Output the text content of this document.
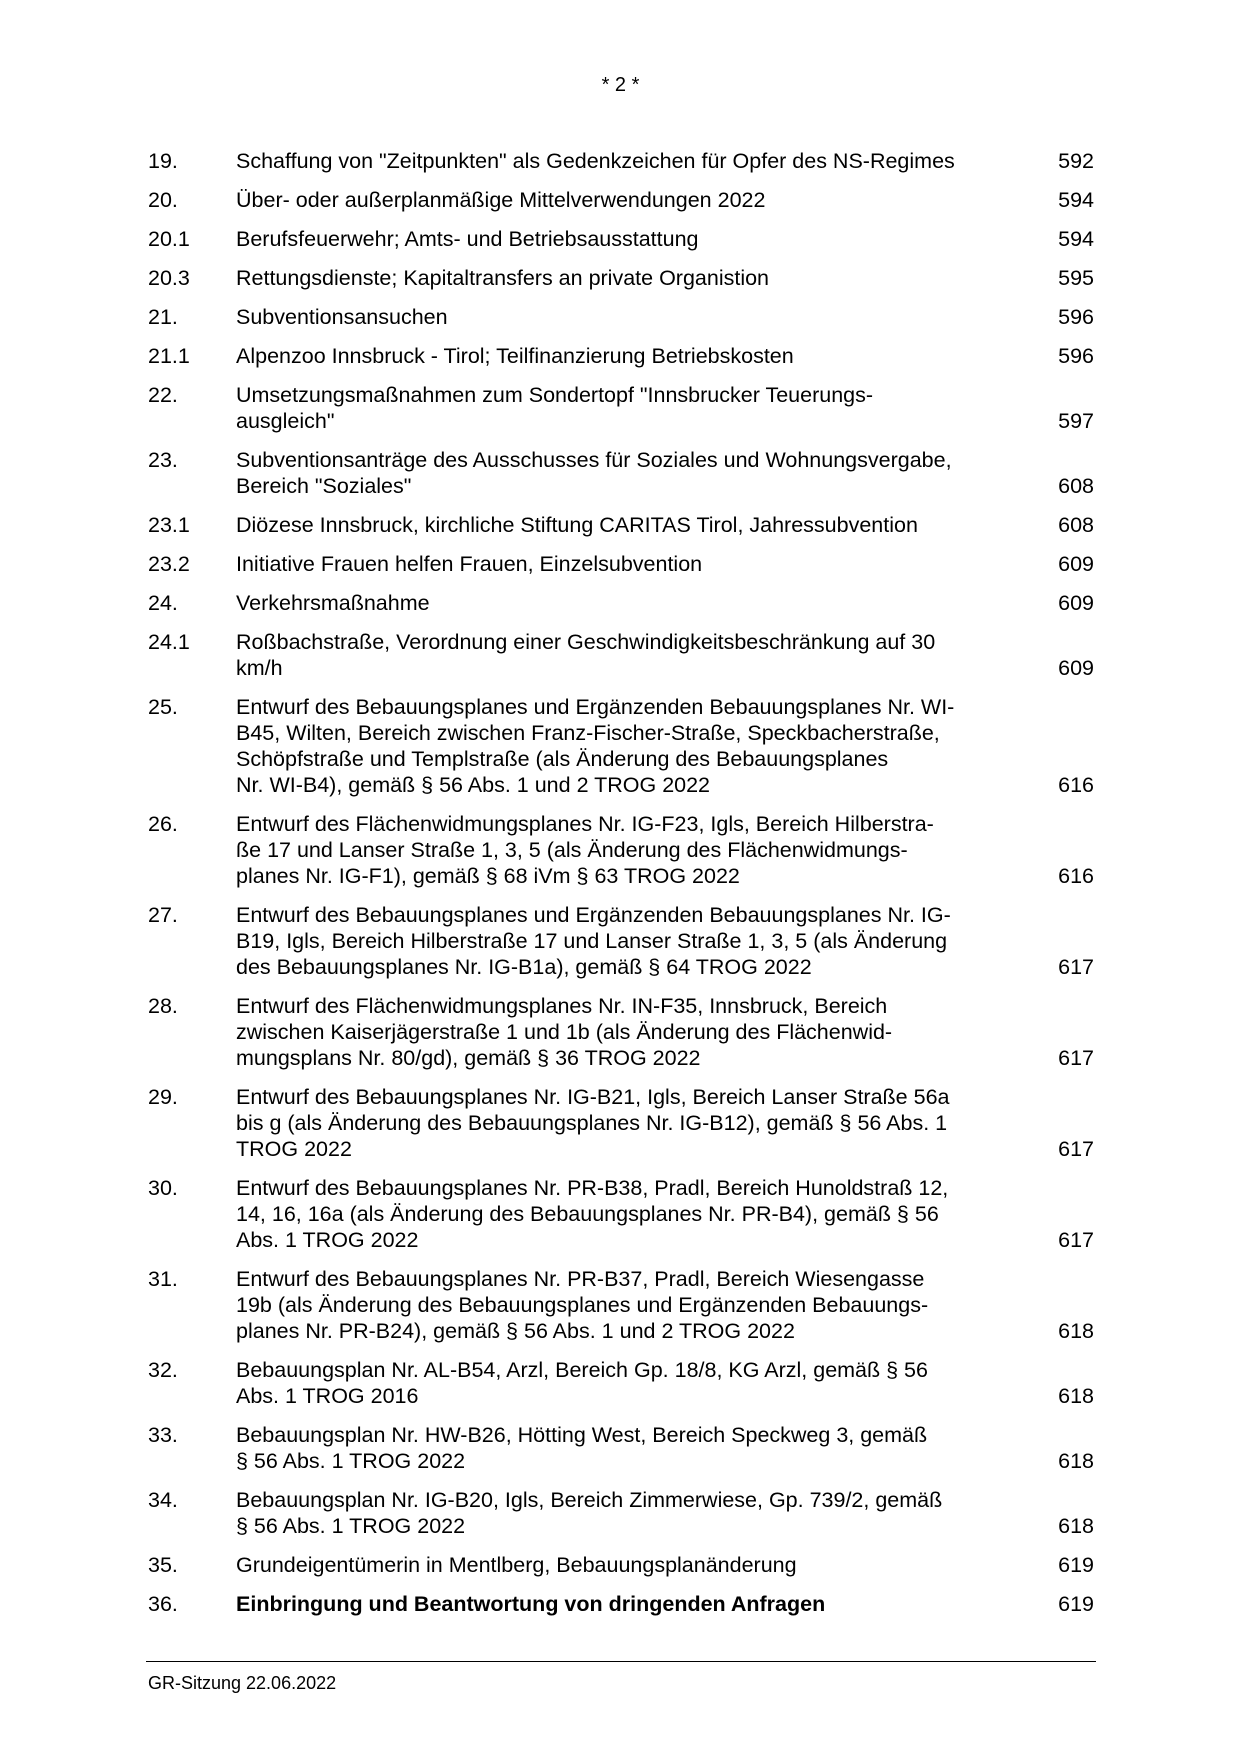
* 2 *
19.	Schaffung von "Zeitpunkten" als Gedenkzeichen für Opfer des NS-Regimes	592
20.	Über- oder außerplanmäßige Mittelverwendungen 2022	594
20.1	Berufsfeuerwehr; Amts- und Betriebsausstattung	594
20.3	Rettungsdienste; Kapitaltransfers an private Organistion	595
21.	Subventionsansuchen	596
21.1	Alpenzoo Innsbruck - Tirol; Teilfinanzierung Betriebskosten	596
22.	Umsetzungsmaßnahmen zum Sondertopf "Innsbrucker Teuerungs-
ausgleich"	597
23.	Subventionsanträge des Ausschusses für Soziales und Wohnungsvergabe,
Bereich "Soziales"	608
23.1	Diözese Innsbruck, kirchliche Stiftung CARITAS Tirol, Jahressubvention	608
23.2	Initiative Frauen helfen Frauen, Einzelsubvention	609
24.	Verkehrsmaßnahme	609
24.1	Roßbachstraße, Verordnung einer Geschwindigkeitsbeschränkung auf 30
km/h	609
25.	Entwurf des Bebauungsplanes und Ergänzenden Bebauungsplanes Nr. WI-
B45, Wilten, Bereich zwischen Franz-Fischer-Straße, Speckbacherstraße,
Schöpfstraße und Templstraße (als Änderung des Bebauungsplanes
Nr. WI-B4), gemäß § 56 Abs. 1 und 2 TROG 2022	616
26.	Entwurf des Flächenwidmungsplanes Nr. IG-F23, Igls, Bereich Hilberstra-
ße 17 und Lanser Straße 1, 3, 5 (als Änderung des Flächenwidmungs-
planes Nr. IG-F1), gemäß § 68 iVm § 63 TROG 2022	616
27.	Entwurf des Bebauungsplanes und Ergänzenden Bebauungsplanes Nr. IG-
B19, Igls, Bereich Hilberstraße 17 und Lanser Straße 1, 3, 5 (als Änderung
des Bebauungsplanes Nr. IG-B1a), gemäß § 64 TROG 2022	617
28.	Entwurf des Flächenwidmungsplanes Nr. IN-F35, Innsbruck, Bereich
zwischen Kaiserjägerstraße 1 und 1b (als Änderung des Flächenwid-
mungsplans Nr. 80/gd), gemäß § 36 TROG 2022	617
29.	Entwurf des Bebauungsplanes Nr. IG-B21, Igls, Bereich Lanser Straße 56a
bis g (als Änderung des Bebauungsplanes Nr. IG-B12), gemäß § 56 Abs. 1
TROG 2022	617
30.	Entwurf des Bebauungsplanes Nr. PR-B38, Pradl, Bereich Hunoldstraß 12,
14, 16, 16a (als Änderung des Bebauungsplanes Nr. PR-B4), gemäß § 56
Abs. 1 TROG 2022	617
31.	Entwurf des Bebauungsplanes Nr. PR-B37, Pradl, Bereich Wiesengasse
19b (als Änderung des Bebauungsplanes und Ergänzenden Bebauungs-
planes Nr. PR-B24), gemäß § 56 Abs. 1 und 2 TROG 2022	618
32.	Bebauungsplan Nr. AL-B54, Arzl, Bereich Gp. 18/8, KG Arzl, gemäß § 56
Abs. 1 TROG 2016	618
33.	Bebauungsplan Nr. HW-B26, Hötting West, Bereich Speckweg 3, gemäß
§ 56 Abs. 1 TROG 2022	618
34.	Bebauungsplan Nr. IG-B20, Igls, Bereich Zimmerwiese, Gp. 739/2, gemäß
§ 56 Abs. 1 TROG 2022	618
35.	Grundeigentümerin in Mentlberg, Bebauungsplanänderung	619
36.	Einbringung und Beantwortung von dringenden Anfragen	619
GR-Sitzung 22.06.2022
